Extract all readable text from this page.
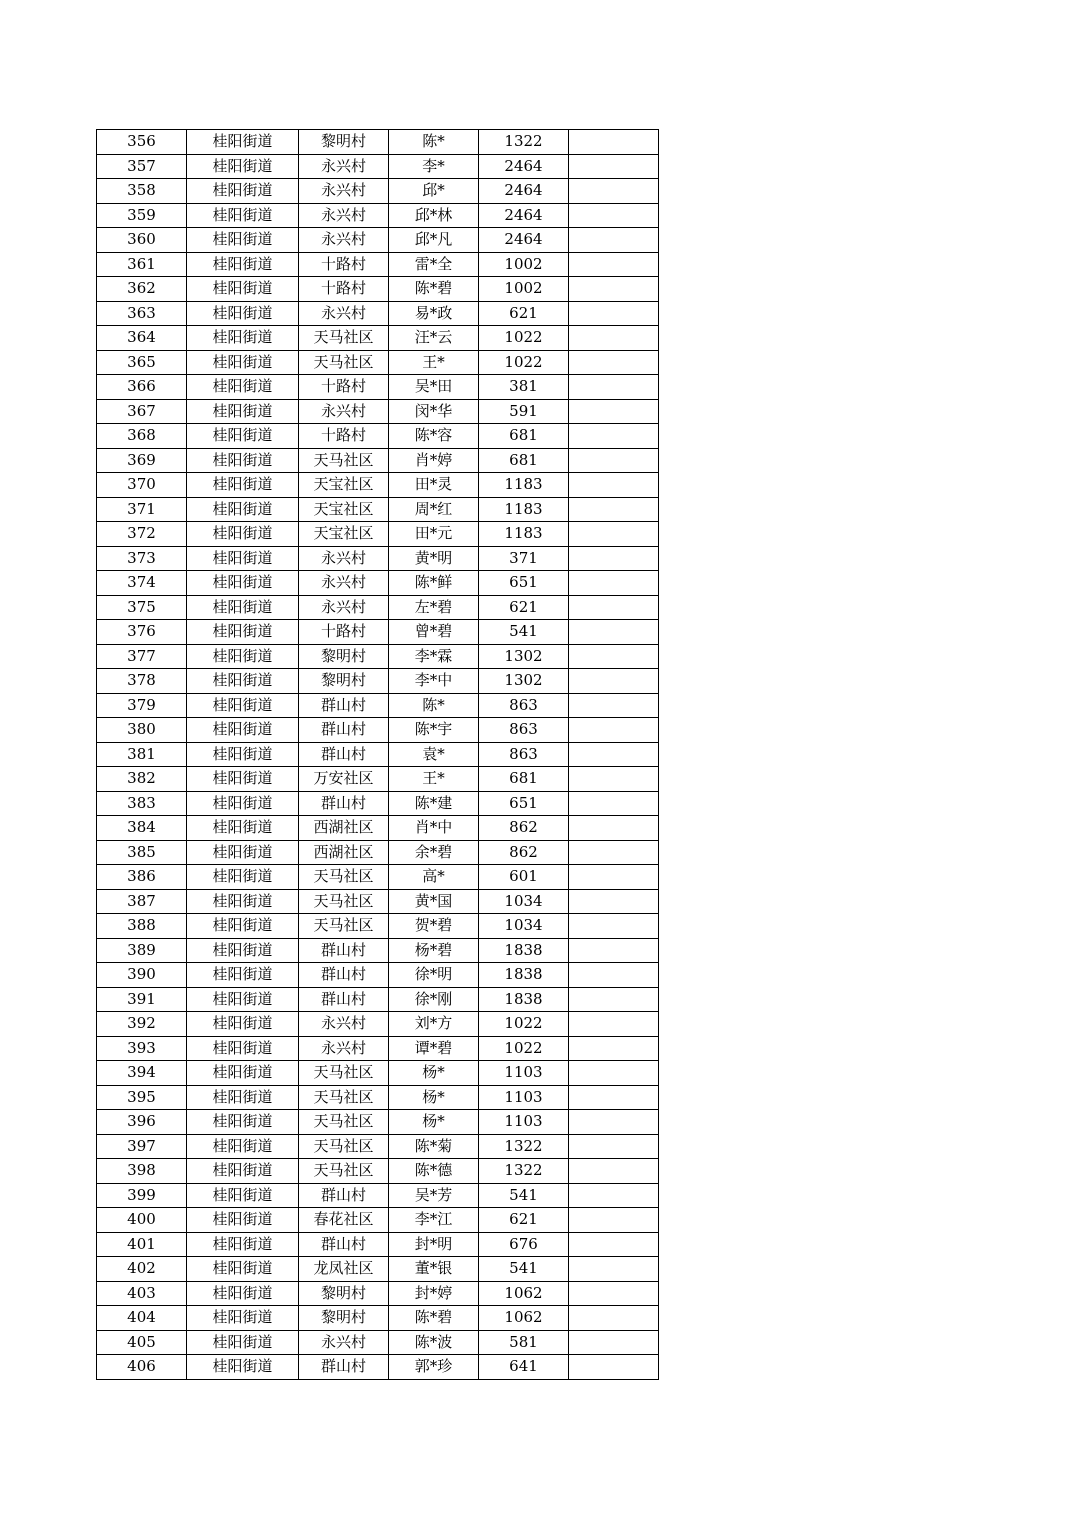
356	桂阳街道	黎明村	陈*	1322	
357	桂阳街道	永兴村	李*	2464	
358	桂阳街道	永兴村	邱*	2464	
359	桂阳街道	永兴村	邱*林	2464	
360	桂阳街道	永兴村	邱*凡	2464	
361	桂阳街道	十路村	雷*全	1002	
362	桂阳街道	十路村	陈*碧	1002	
363	桂阳街道	永兴村	易*政	621	
364	桂阳街道	天马社区	汪*云	1022	
365	桂阳街道	天马社区	王*	1022	
366	桂阳街道	十路村	吴*田	381	
367	桂阳街道	永兴村	闵*华	591	
368	桂阳街道	十路村	陈*容	681	
369	桂阳街道	天马社区	肖*婷	681	
370	桂阳街道	天宝社区	田*灵	1183	
371	桂阳街道	天宝社区	周*红	1183	
372	桂阳街道	天宝社区	田*元	1183	
373	桂阳街道	永兴村	黄*明	371	
374	桂阳街道	永兴村	陈*鲜	651	
375	桂阳街道	永兴村	左*碧	621	
376	桂阳街道	十路村	曾*碧	541	
377	桂阳街道	黎明村	李*霖	1302	
378	桂阳街道	黎明村	李*中	1302	
379	桂阳街道	群山村	陈*	863	
380	桂阳街道	群山村	陈*宇	863	
381	桂阳街道	群山村	袁*	863	
382	桂阳街道	万安社区	王*	681	
383	桂阳街道	群山村	陈*建	651	
384	桂阳街道	西湖社区	肖*中	862	
385	桂阳街道	西湖社区	余*碧	862	
386	桂阳街道	天马社区	高*	601	
387	桂阳街道	天马社区	黄*国	1034	
388	桂阳街道	天马社区	贺*碧	1034	
389	桂阳街道	群山村	杨*碧	1838	
390	桂阳街道	群山村	徐*明	1838	
391	桂阳街道	群山村	徐*刚	1838	
392	桂阳街道	永兴村	刘*方	1022	
393	桂阳街道	永兴村	谭*碧	1022	
394	桂阳街道	天马社区	杨*	1103	
395	桂阳街道	天马社区	杨*	1103	
396	桂阳街道	天马社区	杨*	1103	
397	桂阳街道	天马社区	陈*菊	1322	
398	桂阳街道	天马社区	陈*德	1322	
399	桂阳街道	群山村	吴*芳	541	
400	桂阳街道	春花社区	李*江	621	
401	桂阳街道	群山村	封*明	676	
402	桂阳街道	龙凤社区	董*银	541	
403	桂阳街道	黎明村	封*婷	1062	
404	桂阳街道	黎明村	陈*碧	1062	
405	桂阳街道	永兴村	陈*波	581	
406	桂阳街道	群山村	郭*珍	641	
